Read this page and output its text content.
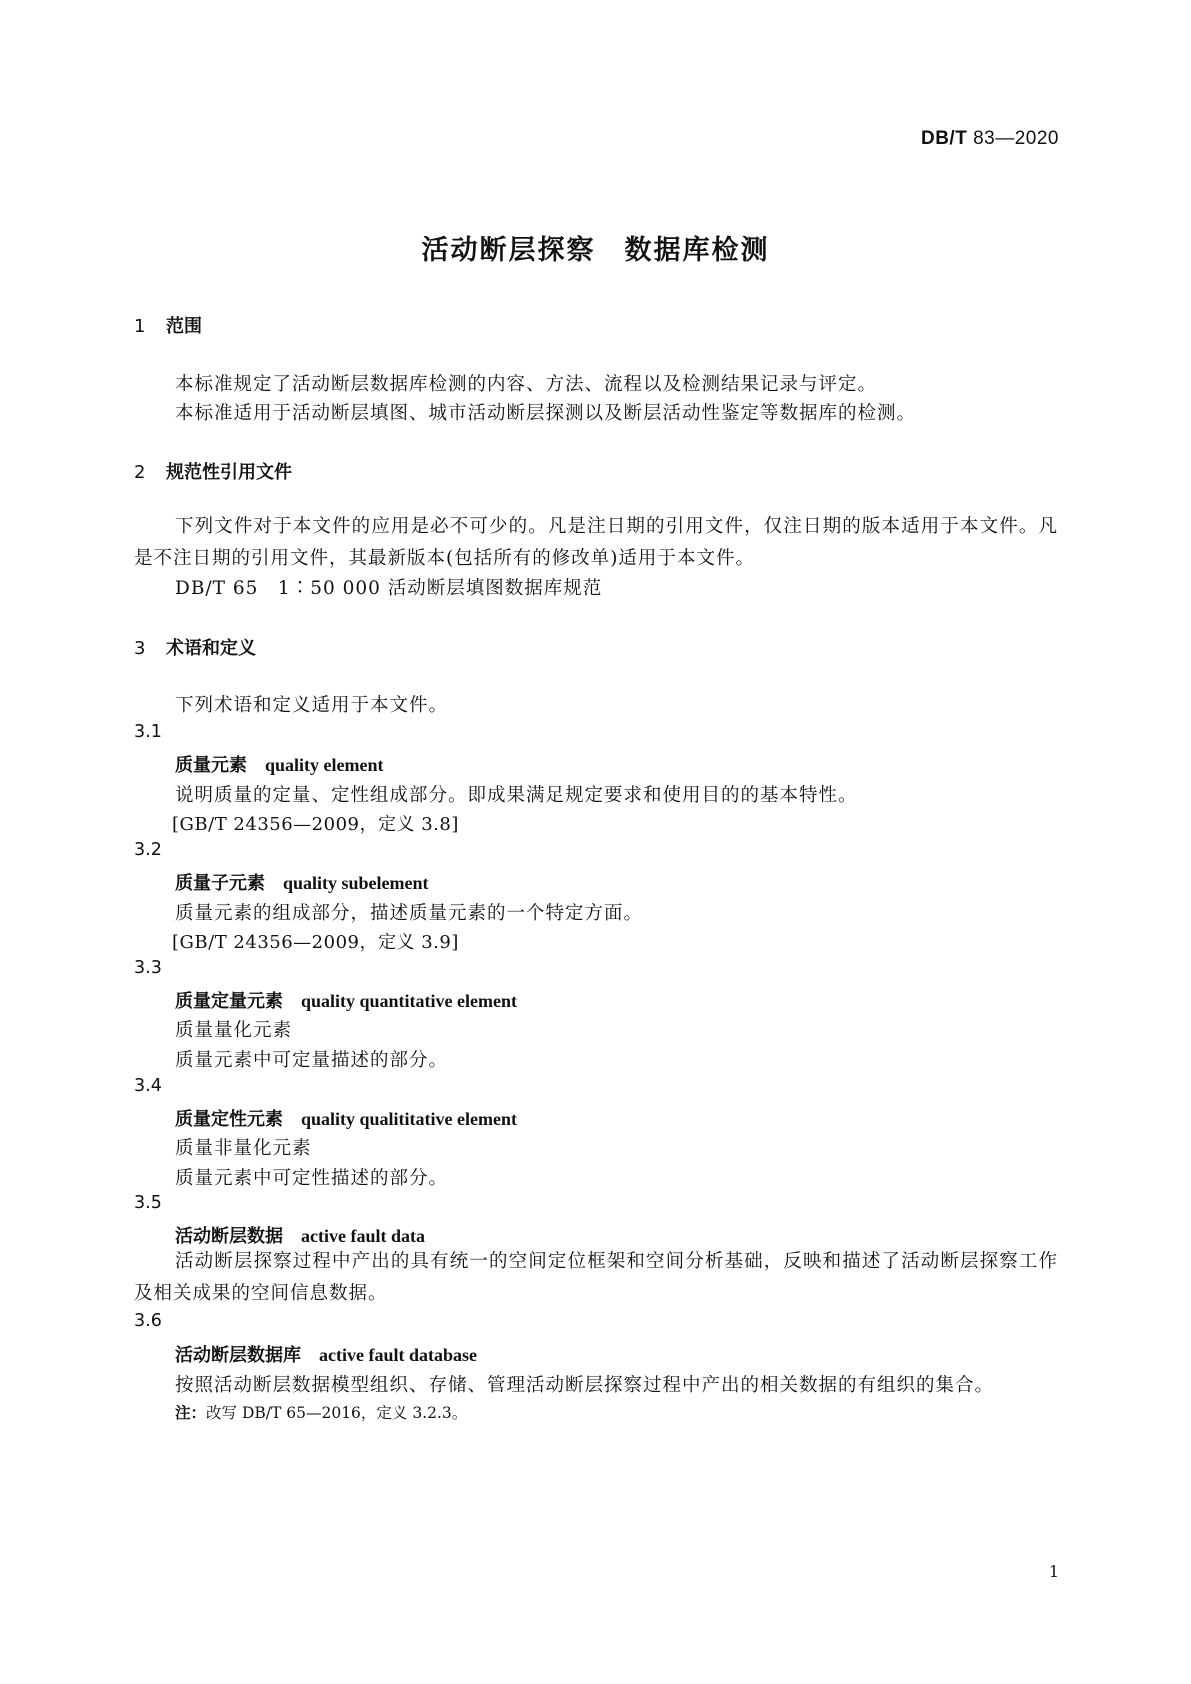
DB/T 83—2020
活动断层探察　数据库检测
1 范围
本标准规定了活动断层数据库检测的内容、方法、流程以及检测结果记录与评定。
本标准适用于活动断层填图、城市活动断层探测以及断层活动性鉴定等数据库的检测。
2 规范性引用文件
下列文件对于本文件的应用是必不可少的。凡是注日期的引用文件，仅注日期的版本适用于本文件。凡是不注日期的引用文件，其最新版本(包括所有的修改单)适用于本文件。
DB/T 65　1∶50 000 活动断层填图数据库规范
3 术语和定义
下列术语和定义适用于本文件。
3.1
质量元素 quality element
说明质量的定量、定性组成部分。即成果满足规定要求和使用目的的基本特性。
[GB/T 24356—2009，定义 3.8]
3.2
质量子元素 quality subelement
质量元素的组成部分，描述质量元素的一个特定方面。
[GB/T 24356—2009，定义 3.9]
3.3
质量定量元素 quality quantitative element
质量量化元素
质量元素中可定量描述的部分。
3.4
质量定性元素 quality qualititative element
质量非量化元素
质量元素中可定性描述的部分。
3.5
活动断层数据 active fault data
活动断层探察过程中产出的具有统一的空间定位框架和空间分析基础，反映和描述了活动断层探察工作及相关成果的空间信息数据。
3.6
活动断层数据库 active fault database
按照活动断层数据模型组织、存储、管理活动断层探察过程中产出的相关数据的有组织的集合。
注：改写 DB/T 65—2016，定义 3.2.3。
1
